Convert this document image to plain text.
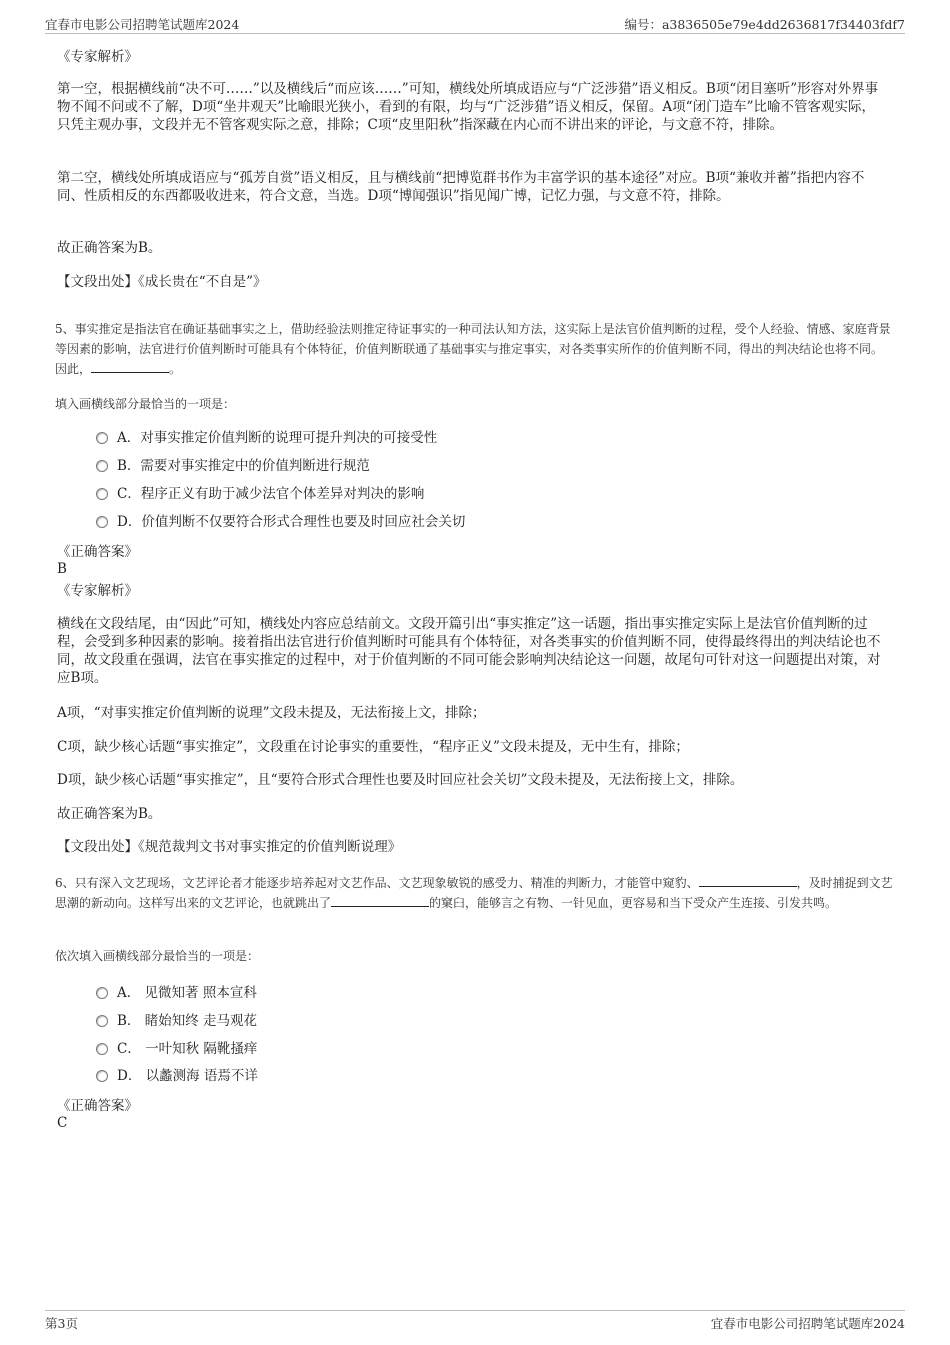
宜春市电影公司招聘笔试题库2024	编号：a3836505e79e4dd2636817f34403fdf7
《专家解析》
第一空，根据横线前“决不可……”以及横线后“而应该……”可知，横线处所填成语应与“广泛涉猎”语义相反。B项“闭目塞听”形容对外界事物不闻不问或不了解，D项“坐井观天”比喻眼光狭小，看到的有限，均与“广泛涉猎”语义相反，保留。A项“闭门造车”比喻不管客观实际，只凭主观办事，文段并无不管客观实际之意，排除；C项“皮里阳秋”指深藏在内心而不讲出来的评论，与文意不符，排除。
第二空，横线处所填成语应与“孤芳自赏”语义相反，且与横线前“把博览群书作为丰富学识的基本途径”对应。B项“兼收并蓄”指把内容不同、性质相反的东西都吸收进来，符合文意，当选。D项“博闻强识”指见闻广博，记忆力强，与文意不符，排除。
故正确答案为B。
【文段出处】《成长贵在“不自是”》
5、事实推定是指法官在确证基础事实之上，借助经验法则推定待证事实的一种司法认知方法，这实际上是法官价值判断的过程，受个人经验、情感、家庭背景等因素的影响，法官进行价值判断时可能具有个体特征，价值判断联通了基础事实与推定事实，对各类事实所作的价值判断不同，得出的判决结论也将不同。因此，	。
填入画横线部分最恰当的一项是：
A．对事实推定价值判断的说理可提升判决的可接受性
B．需要对事实推定中的价值判断进行规范
C．程序正义有助于减少法官个体差异对判决的影响
D．价值判断不仅要符合形式合理性也要及时回应社会关切
《正确答案》
B
《专家解析》
横线在文段结尾，由“因此”可知，横线处内容应总结前文。文段开篇引出“事实推定”这一话题，指出事实推定实际上是法官价值判断的过程，会受到多种因素的影响。接着指出法官进行价值判断时可能具有个体特征，对各类事实的价值判断不同，使得最终得出的判决结论也不同，故文段重在强调，法官在事实推定的过程中，对于价值判断的不同可能会影响判决结论这一问题，故尾句可针对这一问题提出对策，对应B项。
A项，“对事实推定价值判断的说理”文段未提及，无法衔接上文，排除；
C项，缺少核心话题“事实推定”，文段重在讨论事实的重要性，“程序正义”文段未提及，无中生有，排除；
D项，缺少核心话题“事实推定”，且“要符合形式合理性也要及时回应社会关切”文段未提及，无法衔接上文，排除。
故正确答案为B。
【文段出处】《规范裁判文书对事实推定的价值判断说理》
6、只有深入文艺现场，文艺评论者才能逐步培养起对文艺作品、文艺现象敏锐的感受力、精准的判断力，才能管中窥豹、	，及时捕捉到文艺思潮的新动向。这样写出来的文艺评论，也就跳出了	的窠臼，能够言之有物、一针见血，更容易和当下受众产生连接、引发共鸣。
依次填入画横线部分最恰当的一项是：
A． 见微知著 照本宣科
B． 睹始知终 走马观花
C． 一叶知秋 隔靴搔痒
D． 以蠡测海 语焉不详
《正确答案》
C
第3页	宜春市电影公司招聘笔试题库2024
